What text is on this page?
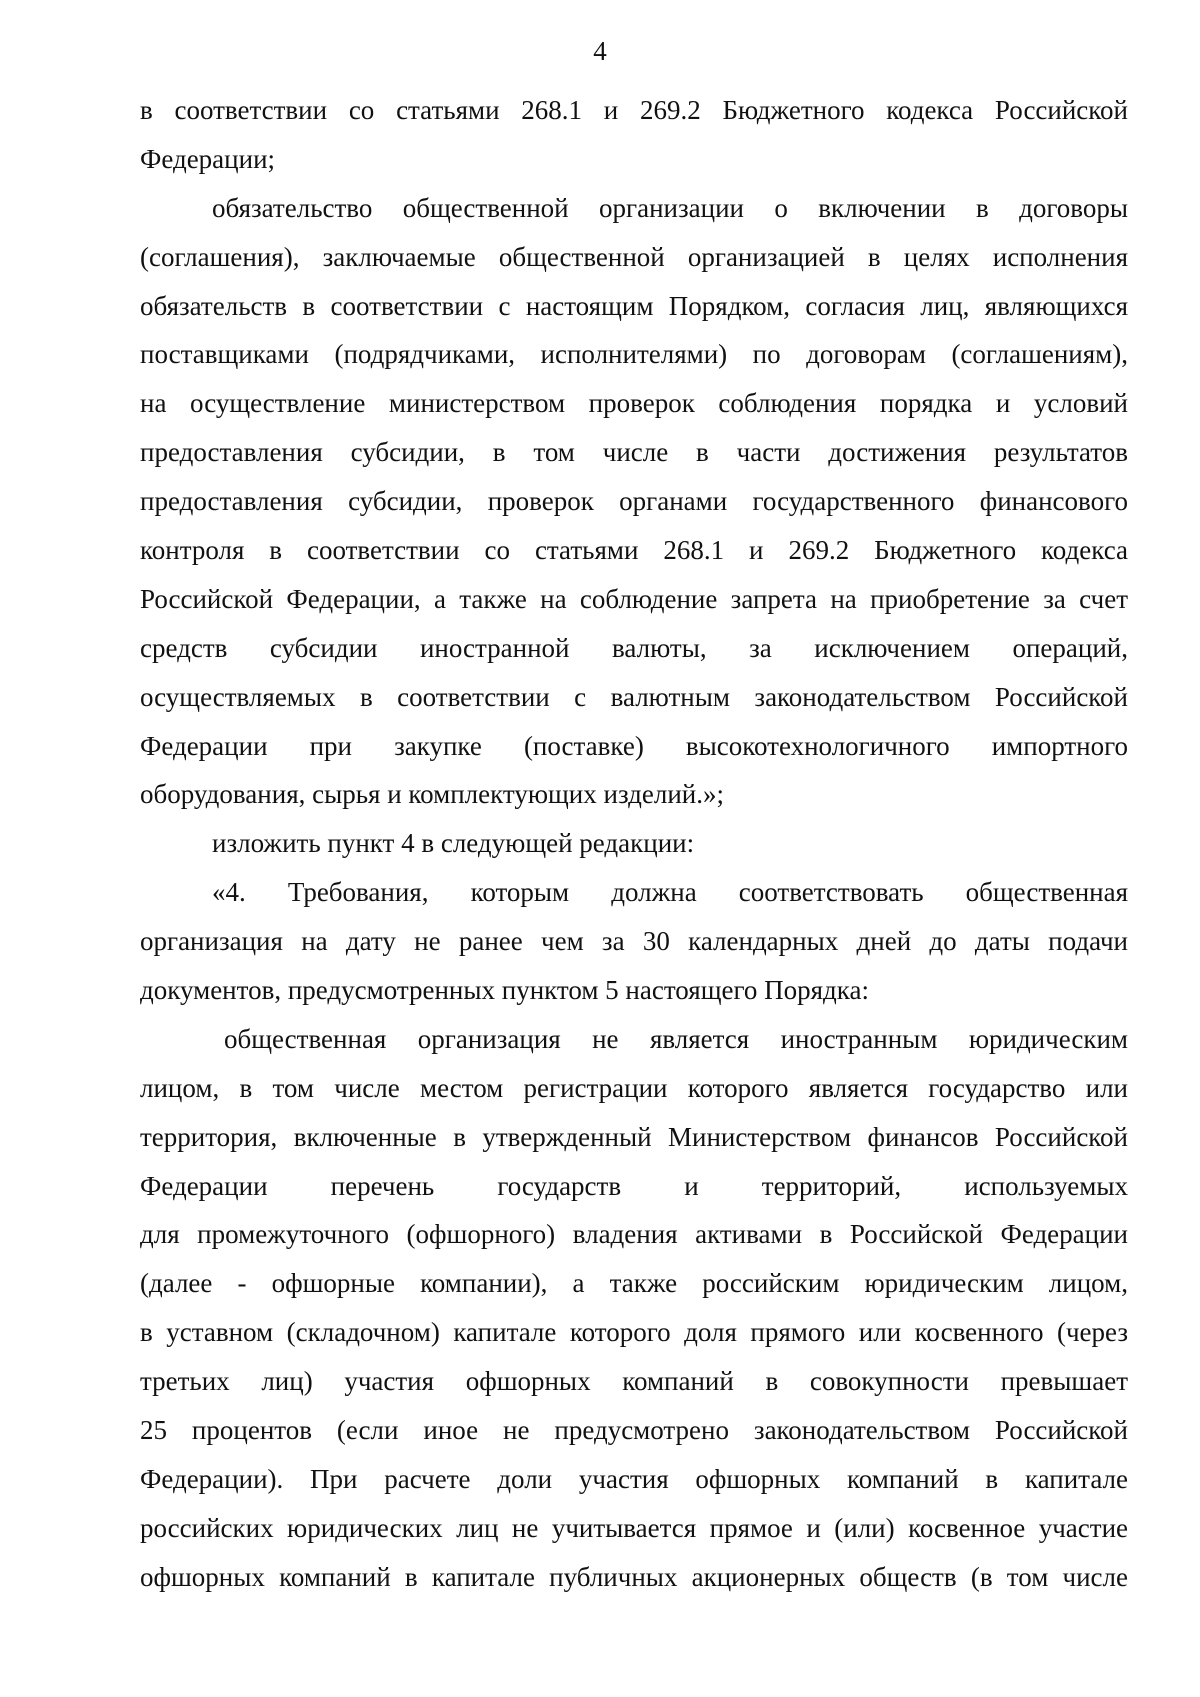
4
в соответствии со статьями 268.1 и 269.2 Бюджетного кодекса Российской
Федерации;
обязательство общественной организации о включении в договоры
(соглашения), заключаемые общественной организацией в целях исполнения
обязательств в соответствии с настоящим Порядком, согласия лиц, являющихся
поставщиками (подрядчиками, исполнителями) по договорам (соглашениям),
на осуществление министерством проверок соблюдения порядка и условий
предоставления субсидии, в том числе в части достижения результатов
предоставления субсидии, проверок органами государственного финансового
контроля в соответствии со статьями 268.1 и 269.2 Бюджетного кодекса
Российской Федерации, а также на соблюдение запрета на приобретение за счет
средств субсидии иностранной валюты, за исключением операций,
осуществляемых в соответствии с валютным законодательством Российской
Федерации при закупке (поставке) высокотехнологичного импортного
оборудования, сырья и комплектующих изделий.»;
изложить пункт 4 в следующей редакции:
«4. Требования, которым должна соответствовать общественная
организация на дату не ранее чем за 30 календарных дней до даты подачи
документов, предусмотренных пунктом 5 настоящего Порядка:
общественная организация не является иностранным юридическим
лицом, в том числе местом регистрации которого является государство или
территория, включенные в утвержденный Министерством финансов Российской
Федерации перечень государств и территорий, используемых
для промежуточного (офшорного) владения активами в Российской Федерации
(далее - офшорные компании), а также российским юридическим лицом,
в уставном (складочном) капитале которого доля прямого или косвенного (через
третьих лиц) участия офшорных компаний в совокупности превышает
25 процентов (если иное не предусмотрено законодательством Российской
Федерации). При расчете доли участия офшорных компаний в капитале
российских юридических лиц не учитывается прямое и (или) косвенное участие
офшорных компаний в капитале публичных акционерных обществ (в том числе
